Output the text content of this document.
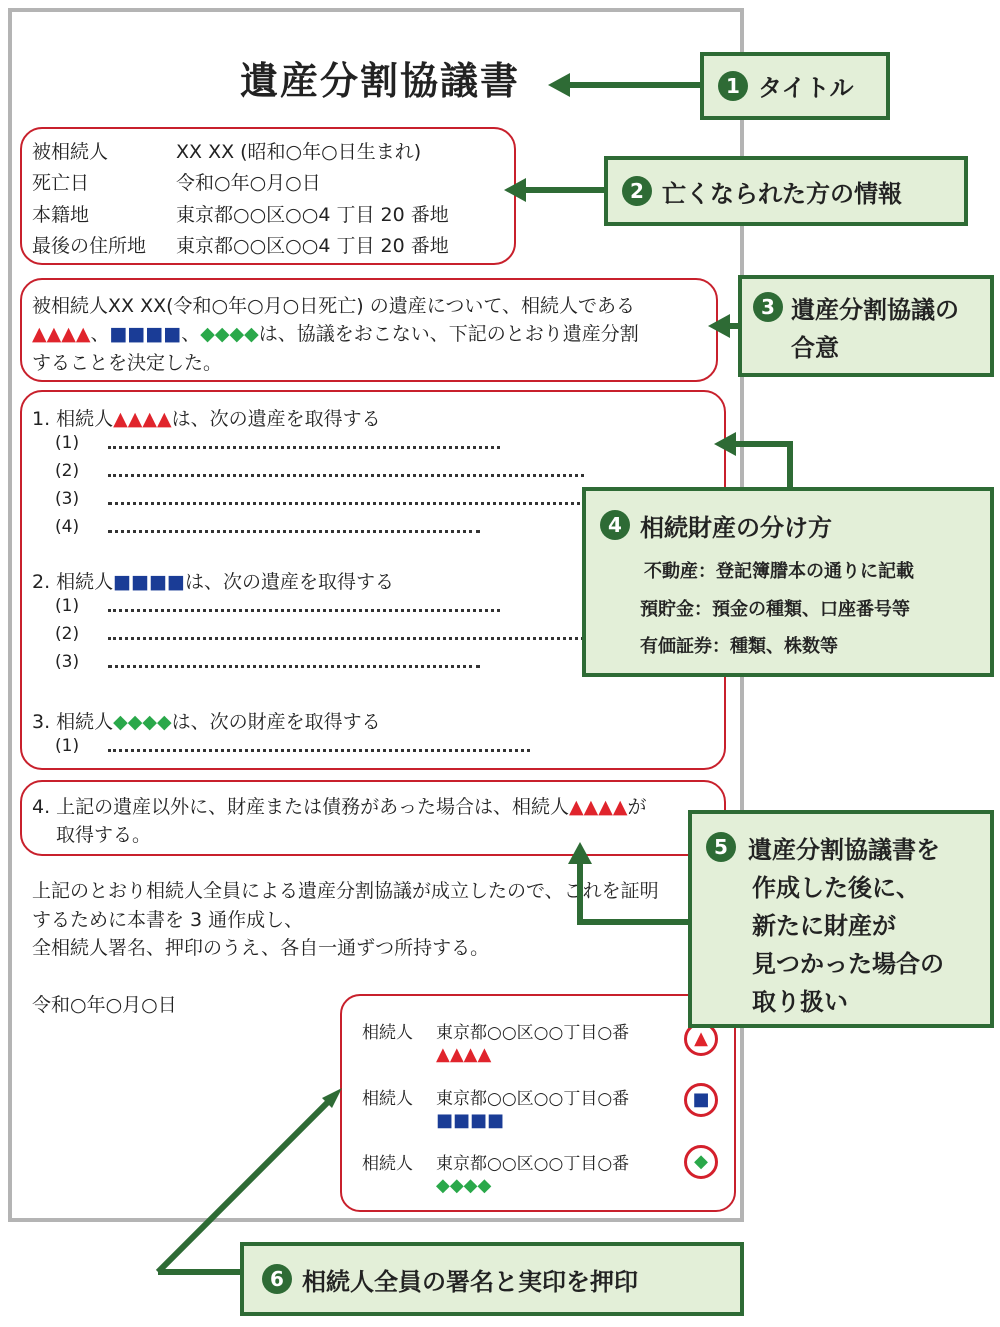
遺産分割協議書
被相続人	XX XX (昭和○年○日生まれ)
死亡日	令和○年○月○日
本籍地	東京都○○区○○4 丁目 20 番地
最後の住所地 東京都○○区○○4 丁目 20 番地
被相続人XX XX(令和○年○月○日死亡) の遺産について、相続人である
▲▲▲▲、■■■■、◆◆◆◆は、協議をおこない、下記のとおり遺産分割
することを決定した。
1. 相続人▲▲▲▲は、次の遺産を取得する
(1)
(2)
(3)
(4)
2. 相続人■■■■は、次の遺産を取得する
(1)
(2)
(3)
3. 相続人◆◆◆◆は、次の財産を取得する
(1)
4. 上記の遺産以外に、財産または債務があった場合は、相続人▲▲▲▲が
取得する。
上記のとおり相続人全員による遺産分割協議が成立したので、これを証明
するために本書を 3 通作成し、
全相続人署名、押印のうえ、各自一通ずつ所持する。
令和○年○月○日
相続人 東京都○○区○○丁目○番
▲▲▲▲
▲
相続人 東京都○○区○○丁目○番
■■■■
■
相続人 東京都○○区○○丁目○番
◆◆◆◆
◆
1 タイトル
2 亡くなられた方の情報
3 遺産分割協議の
合意
4 相続財産の分け方
不動産：登記簿謄本の通りに記載
預貯金：預金の種類、口座番号等
有価証券：種類、株数等
5 遺産分割協議書を
作成した後に、
新たに財産が
見つかった場合の
取り扱い
6 相続人全員の署名と実印を押印
